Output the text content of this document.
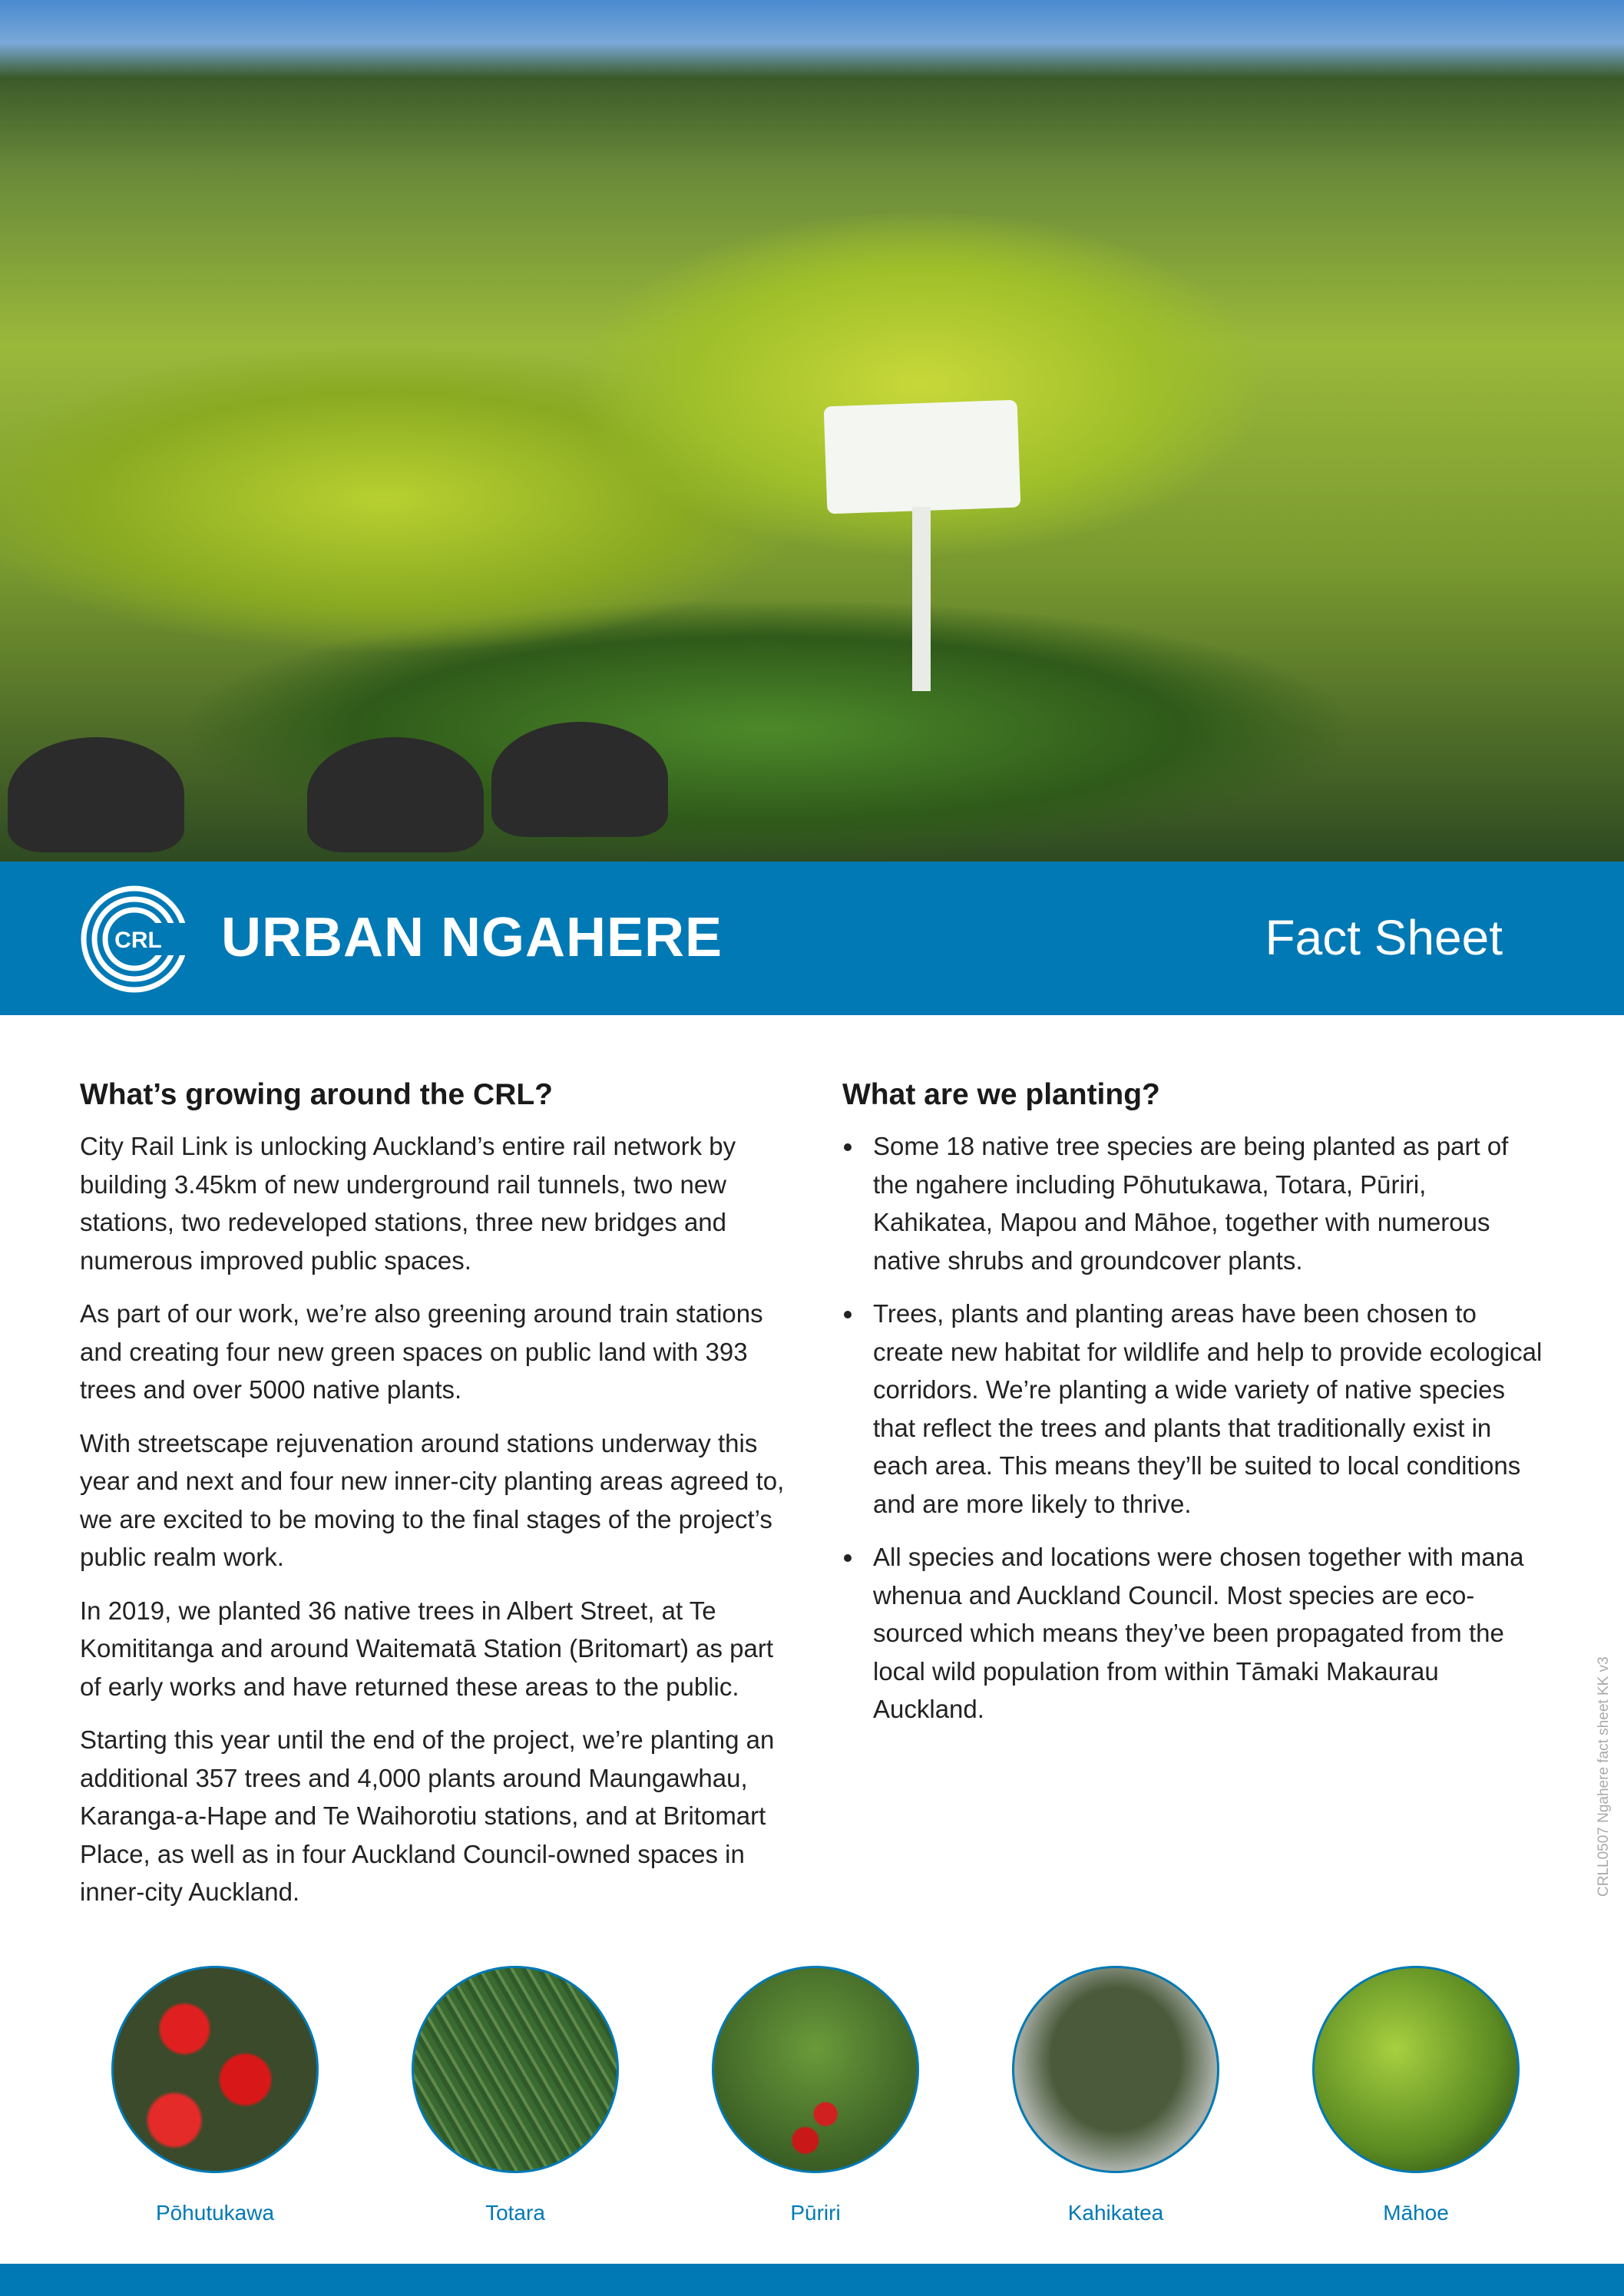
CRL URBAN NGAHERE	Fact Sheet
What’s growing around the CRL?

City Rail Link is unlocking Auckland’s entire rail network by building 3.45km of new underground rail tunnels, two new stations, two redeveloped stations, three new bridges and numerous improved public spaces.

As part of our work, we’re also greening around train stations and creating four new green spaces on public land with 393 trees and over 5000 native plants.

With streetscape rejuvenation around stations underway this year and next and four new inner-city planting areas agreed to, we are excited to be moving to the final stages of the project’s public realm work.

In 2019, we planted 36 native trees in Albert Street, at Te Komititanga and around Waitematā Station (Britomart) as part of early works and have returned these areas to the public.

Starting this year until the end of the project, we’re planting an additional 357 trees and 4,000 plants around Maungawhau, Karanga-a-Hape and Te Waihorotiu stations, and at Britomart Place, as well as in four Auckland Council-owned spaces in inner-city Auckland.

What are we planting?
Some 18 native tree species are being planted as part of the ngahere including Pōhutukawa, Totara, Pūriri, Kahikatea, Mapou and Māhoe, together with numerous native shrubs and groundcover plants.
Trees, plants and planting areas have been chosen to create new habitat for wildlife and help to provide ecological corridors. We’re planting a wide variety of native species that reflect the trees and plants that traditionally exist in each area. This means they’ll be suited to local conditions and are more likely to thrive.
All species and locations were chosen together with mana whenua and Auckland Council. Most species are eco-sourced which means they’ve been propagated from the local wild population from within Tāmaki Makaurau Auckland.	CRLL0507 Ngahere fact sheet KK v3
Pōhutukawa	Totara	Pūriri	Kahikatea	Māhoe
